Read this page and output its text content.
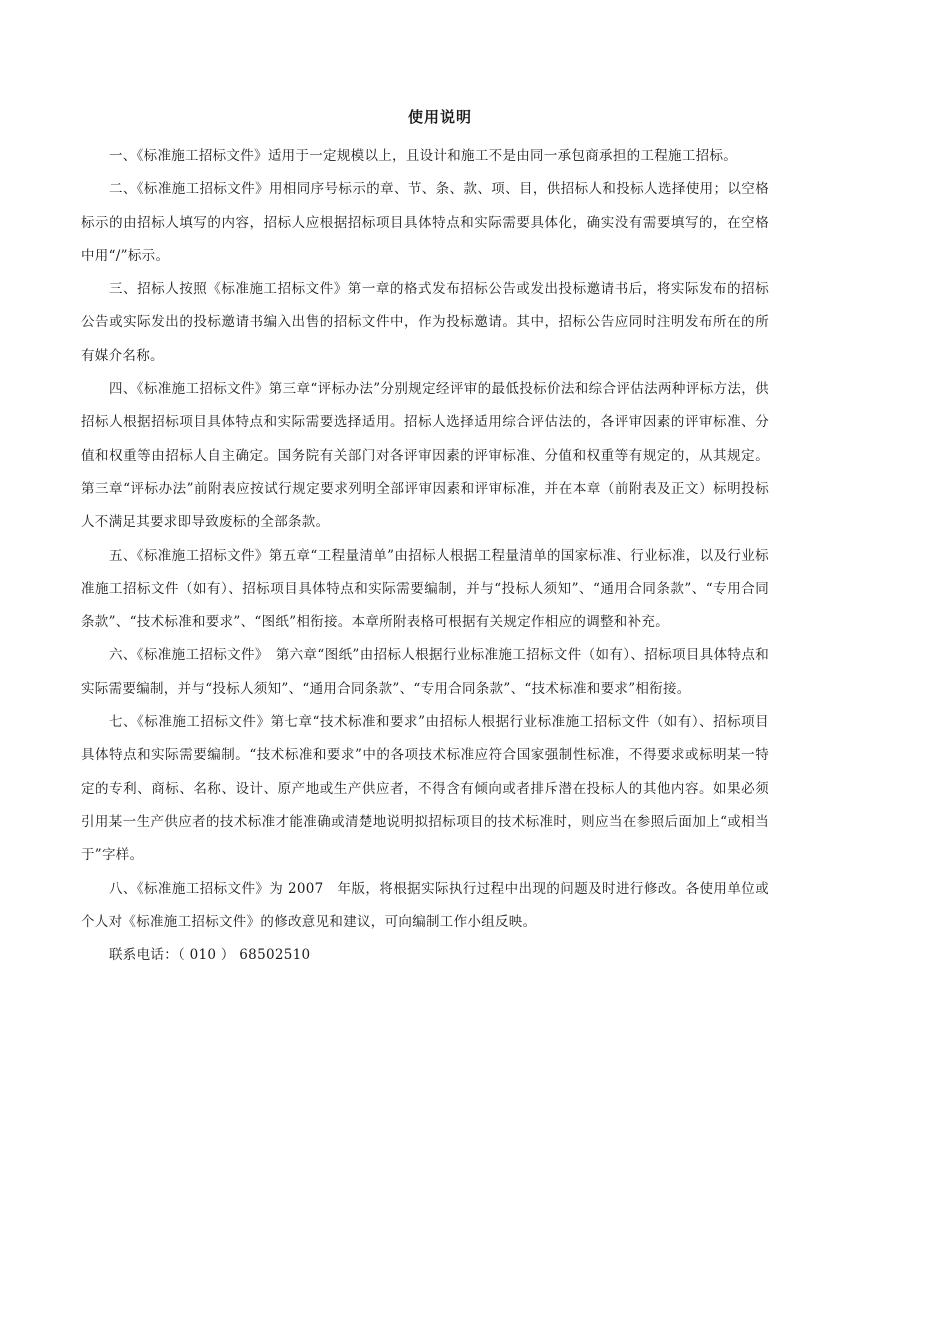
使用说明

一、《标准施工招标文件》适用于一定规模以上，且设计和施工不是由同一承包商承担的工程施工招标。

二、《标准施工招标文件》用相同序号标示的章、节、条、款、项、目，供招标人和投标人选择使用；以空格标示的由招标人填写的内容，招标人应根据招标项目具体特点和实际需要具体化，确实没有需要填写的，在空格中用“/”标示。

三、招标人按照《标准施工招标文件》第一章的格式发布招标公告或发出投标邀请书后，将实际发布的招标公告或实际发出的投标邀请书编入出售的招标文件中，作为投标邀请。其中，招标公告应同时注明发布所在的所有媒介名称。

四、《标准施工招标文件》第三章“评标办法”分别规定经评审的最低投标价法和综合评估法两种评标方法，供招标人根据招标项目具体特点和实际需要选择适用。招标人选择适用综合评估法的，各评审因素的评审标准、分值和权重等由招标人自主确定。国务院有关部门对各评审因素的评审标准、分值和权重等有规定的，从其规定。第三章“评标办法”前附表应按试行规定要求列明全部评审因素和评审标准，并在本章（前附表及正文）标明投标人不满足其要求即导致废标的全部条款。

五、《标准施工招标文件》第五章“工程量清单”由招标人根据工程量清单的国家标准、行业标准，以及行业标准施工招标文件（如有）、招标项目具体特点和实际需要编制，并与“投标人须知”、“通用合同条款”、“专用合同条款”、“技术标准和要求”、“图纸”相衔接。本章所附表格可根据有关规定作相应的调整和补充。

六、《标准施工招标文件》　第六章“图纸”由招标人根据行业标准施工招标文件（如有）、招标项目具体特点和实际需要编制，并与“投标人须知”、“通用合同条款”、“专用合同条款”、“技术标准和要求”相衔接。

七、《标准施工招标文件》第七章“技术标准和要求”由招标人根据行业标准施工招标文件（如有）、招标项目具体特点和实际需要编制。“技术标准和要求”中的各项技术标准应符合国家强制性标准，不得要求或标明某一特定的专利、商标、名称、设计、原产地或生产供应者，不得含有倾向或者排斥潜在投标人的其他内容。如果必须引用某一生产供应者的技术标准才能准确或清楚地说明拟招标项目的技术标准时，则应当在参照后面加上“或相当于”字样。

八、《标准施工招标文件》为 2007　年版，将根据实际执行过程中出现的问题及时进行修改。各使用单位或个人对《标准施工招标文件》的修改意见和建议，可向编制工作小组反映。

联系电话：（ 010 ） 68502510
